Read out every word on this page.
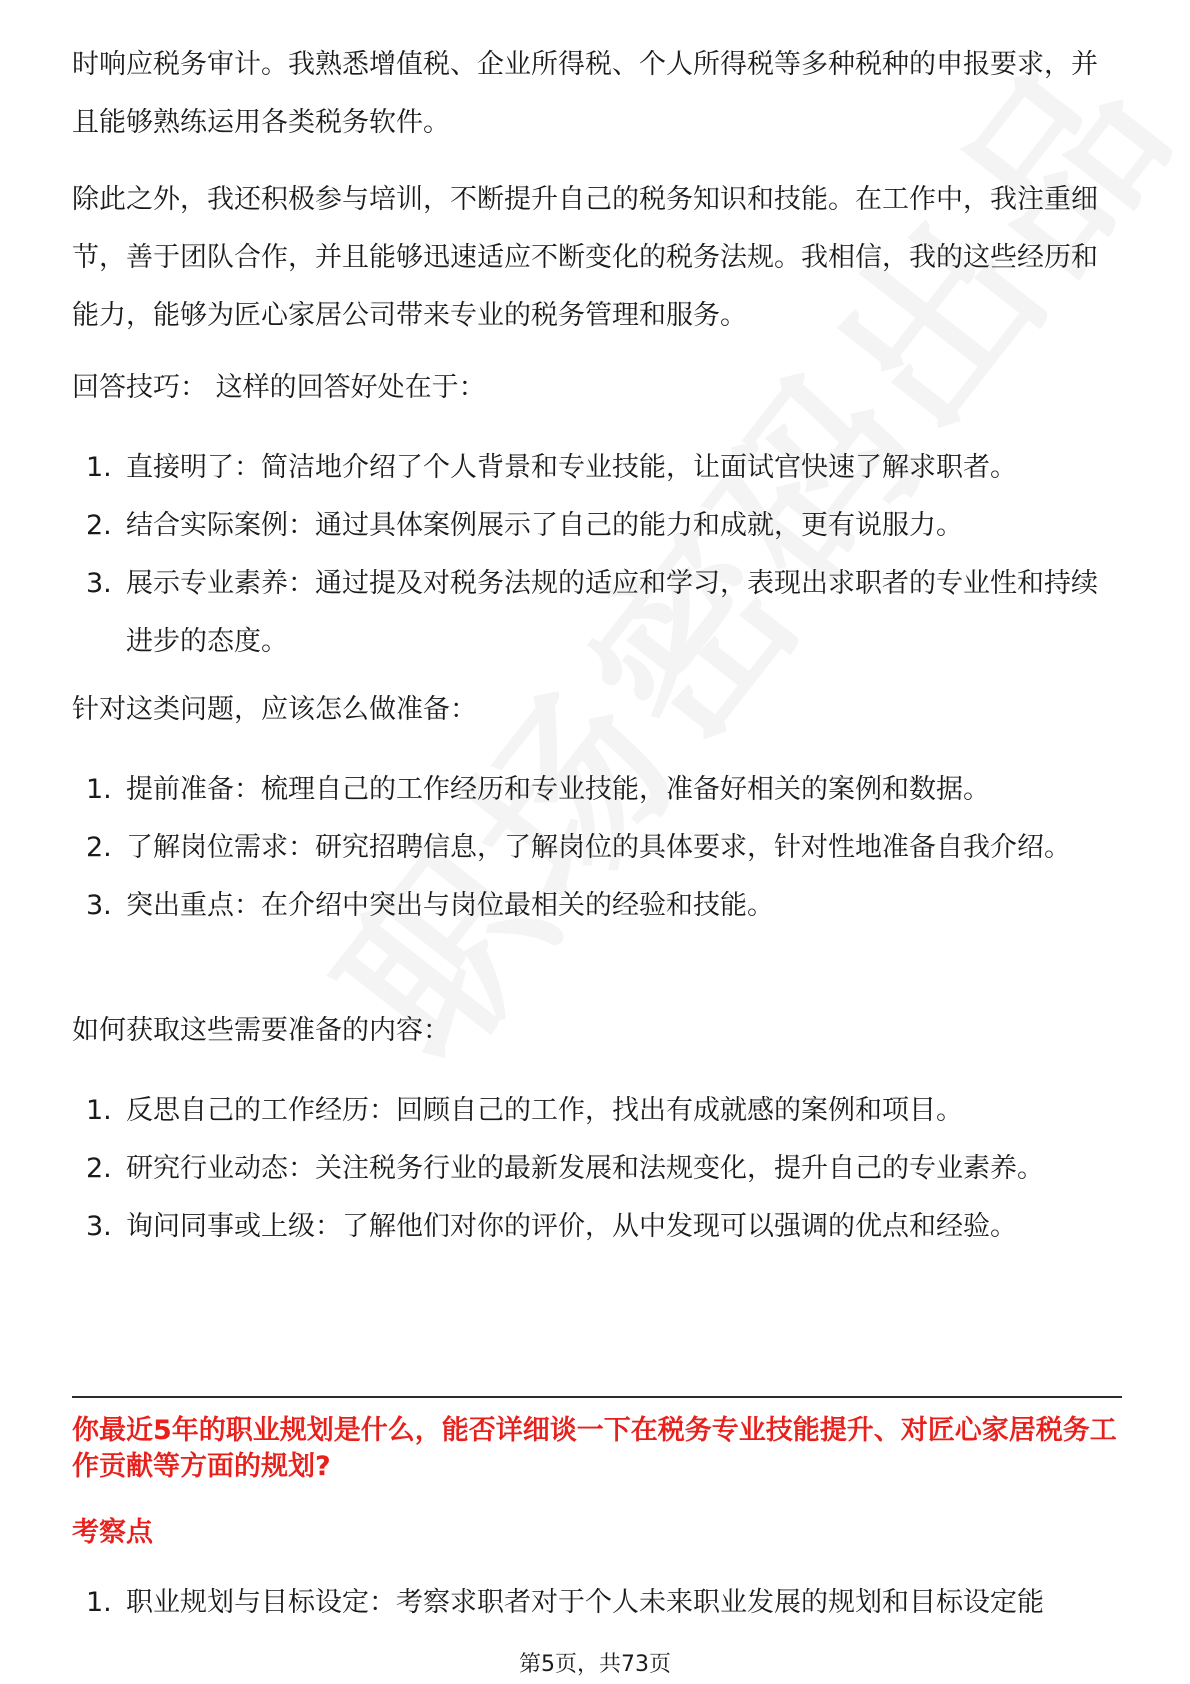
时响应税务审计。我熟悉增值税、企业所得税、个人所得税等多种税种的申报要求，并且能够熟练运用各类税务软件。

除此之外，我还积极参与培训，不断提升自己的税务知识和技能。在工作中，我注重细节，善于团队合作，并且能够迅速适应不断变化的税务法规。我相信，我的这些经历和能力，能够为匠心家居公司带来专业的税务管理和服务。

回答技巧： 这样的回答好处在于：

1. 直接明了：简洁地介绍了个人背景和专业技能，让面试官快速了解求职者。
2. 结合实际案例：通过具体案例展示了自己的能力和成就，更有说服力。
3. 展示专业素养：通过提及对税务法规的适应和学习，表现出求职者的专业性和持续进步的态度。

针对这类问题，应该怎么做准备：

1. 提前准备：梳理自己的工作经历和专业技能，准备好相关的案例和数据。
2. 了解岗位需求：研究招聘信息，了解岗位的具体要求，针对性地准备自我介绍。
3. 突出重点：在介绍中突出与岗位最相关的经验和技能。

如何获取这些需要准备的内容：

1. 反思自己的工作经历：回顾自己的工作，找出有成就感的案例和项目。
2. 研究行业动态：关注税务行业的最新发展和法规变化，提升自己的专业素养。
3. 询问同事或上级：了解他们对你的评价，从中发现可以强调的优点和经验。

你最近5年的职业规划是什么，能否详细谈一下在税务专业技能提升、对匠心家居税务工作贡献等方面的规划?

考察点

1. 职业规划与目标设定：考察求职者对于个人未来职业发展的规划和目标设定能
第5页，共73页
